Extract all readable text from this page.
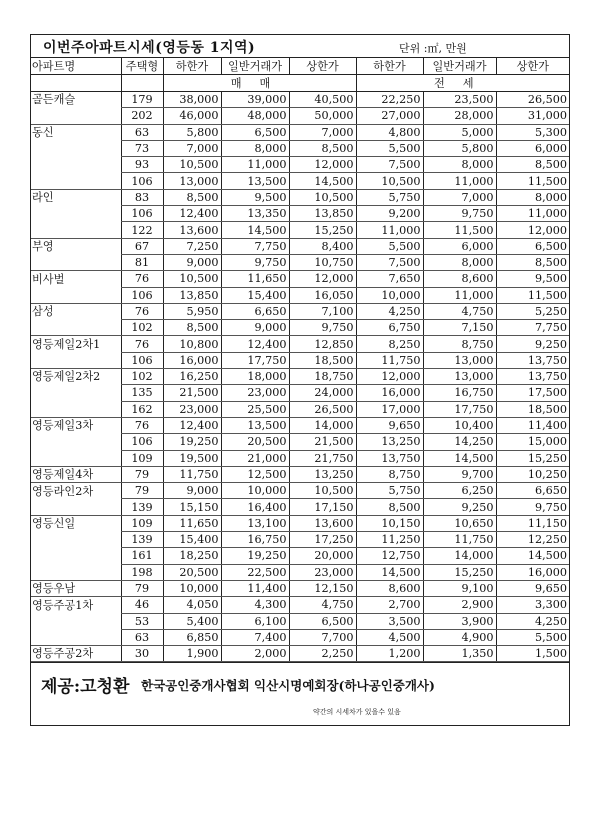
이번주아파트시세(영등동 1지역)	단위 :㎡, 만원
아파트명	주택형	하한가	일반거래가	상한가	하한가	일반거래가	상한가
		매매			전세		
골든캐슬	179	38,000	39,000	40,500	22,250	23,500	26,500
	202	46,000	48,000	50,000	27,000	28,000	31,000
동신	63	5,800	6,500	7,000	4,800	5,000	5,300
	73	7,000	8,000	8,500	5,500	5,800	6,000
	93	10,500	11,000	12,000	7,500	8,000	8,500
	106	13,000	13,500	14,500	10,500	11,000	11,500
라인	83	8,500	9,500	10,500	5,750	7,000	8,000
	106	12,400	13,350	13,850	9,200	9,750	11,000
	122	13,600	14,500	15,250	11,000	11,500	12,000
부영	67	7,250	7,750	8,400	5,500	6,000	6,500
	81	9,000	9,750	10,750	7,500	8,000	8,500
비사벌	76	10,500	11,650	12,000	7,650	8,600	9,500
	106	13,850	15,400	16,050	10,000	11,000	11,500
삼성	76	5,950	6,650	7,100	4,250	4,750	5,250
	102	8,500	9,000	9,750	6,750	7,150	7,750
영등제일2차1	76	10,800	12,400	12,850	8,250	8,750	9,250
	106	16,000	17,750	18,500	11,750	13,000	13,750
영등제일2차2	102	16,250	18,000	18,750	12,000	13,000	13,750
	135	21,500	23,000	24,000	16,000	16,750	17,500
	162	23,000	25,500	26,500	17,000	17,750	18,500
영등제일3차	76	12,400	13,500	14,000	9,650	10,400	11,400
	106	19,250	20,500	21,500	13,250	14,250	15,000
	109	19,500	21,000	21,750	13,750	14,500	15,250
영등제일4차	79	11,750	12,500	13,250	8,750	9,700	10,250
영등라인2차	79	9,000	10,000	10,500	5,750	6,250	6,650
	139	15,150	16,400	17,150	8,500	9,250	9,750
영등신일	109	11,650	13,100	13,600	10,150	10,650	11,150
	139	15,400	16,750	17,250	11,250	11,750	12,250
	161	18,250	19,250	20,000	12,750	14,000	14,500
	198	20,500	22,500	23,000	14,500	15,250	16,000
영등우남	79	10,000	11,400	12,150	8,600	9,100	9,650
영등주공1차	46	4,050	4,300	4,750	2,700	2,900	3,300
	53	5,400	6,100	6,500	3,500	3,900	4,250
	63	6,850	7,400	7,700	4,500	4,900	5,500
영등주공2차	30	1,900	2,000	2,250	1,200	1,350	1,500
제공:고청환 한국공인중개사협회 익산시명예회장(하나공인중개사)
약간의 시세차가 있을수 있음
